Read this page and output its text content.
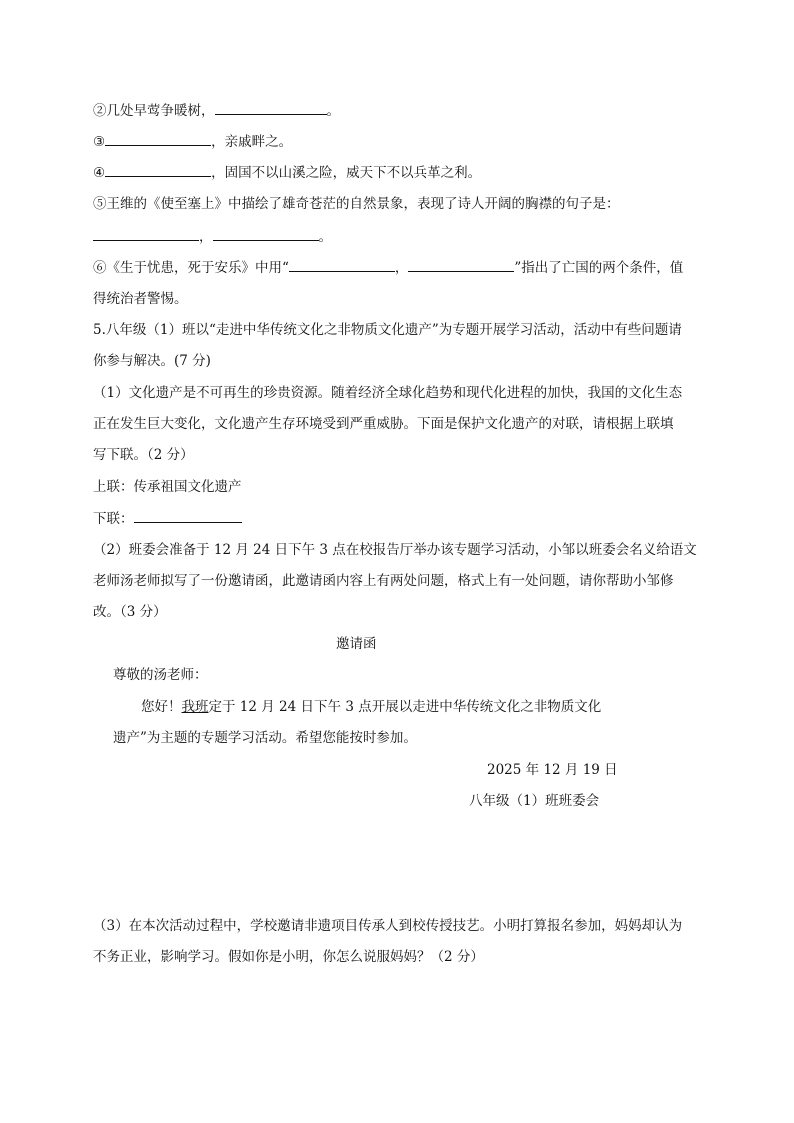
②几处早莺争暖树，	。
③	，亲戚畔之。
④	，固国不以山溪之险，威天下不以兵革之利。
⑤王维的《使至塞上》中描绘了雄奇苍茫的自然景象，表现了诗人开阔的胸襟的句子是：
，	。
⑥《生于忧患，死于安乐》中用“	，	”指出了亡国的两个条件，值
得统治者警惕。
5.八年级（1）班以“走进中华传统文化之非物质文化遗产”为专题开展学习活动，活动中有些问题请
你参与解决。(7 分)
（1）文化遗产是不可再生的珍贵资源。随着经济全球化趋势和现代化进程的加快，我国的文化生态
正在发生巨大变化，文化遗产生存环境受到严重威胁。下面是保护文化遗产的对联，请根据上联填
写下联。（2 分）
上联：传承祖国文化遗产
下联：
（2）班委会准备于 12 月 24 日下午 3 点在校报告厅举办该专题学习活动，小邹以班委会名义给语文
老师汤老师拟写了一份邀请函，此邀请函内容上有两处问题，格式上有一处问题，请你帮助小邹修
改。（3 分）
邀请函
尊敬的汤老师：
您好！我班定于 12 月 24 日下午 3 点开展以走进中华传统文化之非物质文化
遗产”为主题的专题学习活动。希望您能按时参加。
2025 年 12 月 19 日
八年级（1）班班委会
（3）在本次活动过程中，学校邀请非遗项目传承人到校传授技艺。小明打算报名参加，妈妈却认为
不务正业，影响学习。假如你是小明，你怎么说服妈妈？（2 分）
